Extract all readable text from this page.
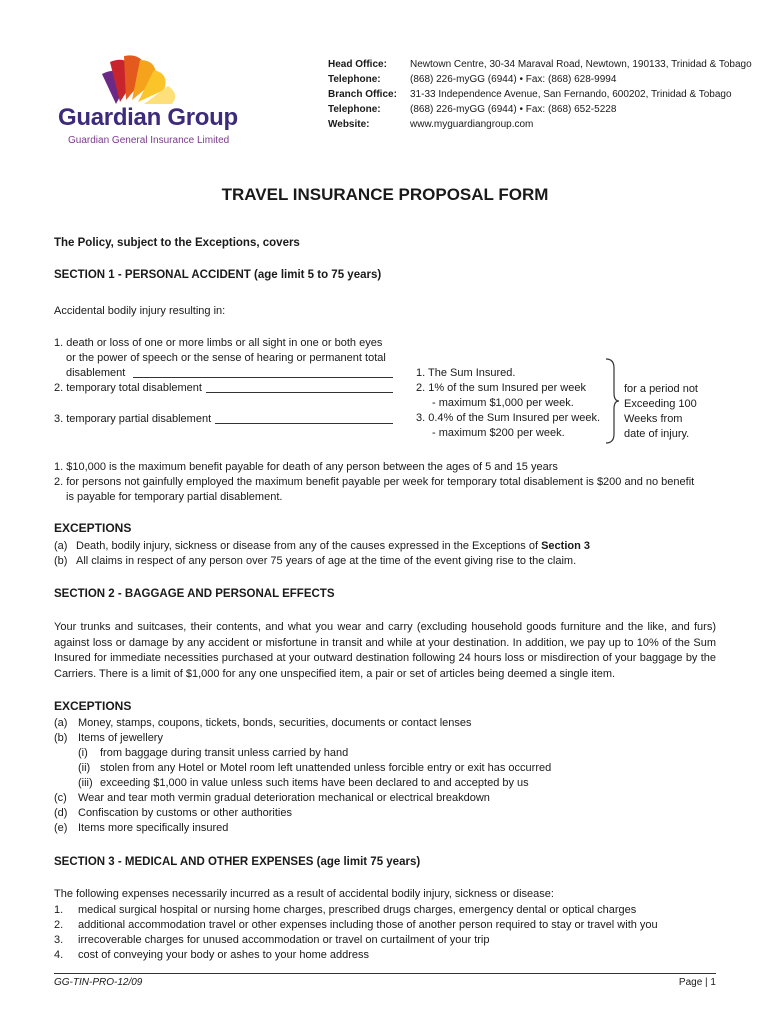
Guardian Group
Guardian General Insurance Limited
Head Office:	Newtown Centre, 30-34 Maraval Road, Newtown, 190133, Trinidad & Tobago
Telephone:	(868) 226-myGG (6944) • Fax: (868) 628-9994
Branch Office:	31-33 Independence Avenue, San Fernando, 600202, Trinidad & Tobago
Telephone:	(868) 226-myGG (6944) • Fax: (868) 652-5228
Website:	www.myguardiangroup.com
TRAVEL INSURANCE PROPOSAL FORM
The Policy, subject to the Exceptions, covers
SECTION 1 - PERSONAL ACCIDENT (age limit 5 to 75 years)
Accidental bodily injury resulting in:
1. death or loss of one or more limbs or all sight in one or both eyes
or the power of speech or the sense of hearing or permanent total
disablement
2. temporary total disablement
3. temporary partial disablement
1. The Sum Insured.
2. 1% of the sum Insured per week
- maximum $1,000 per week.
3. 0.4% of the Sum Insured per week.
- maximum $200 per week.
for a period not
Exceeding 100
Weeks from
date of injury.
1. $10,000 is the maximum benefit payable for death of any person between the ages of 5 and 15 years
2. for persons not gainfully employed the maximum benefit payable per week for temporary total disablement is $200 and no benefit
is payable for temporary partial disablement.
EXCEPTIONS
(a) Death, bodily injury, sickness or disease from any of the causes expressed in the Exceptions of Section 3
(b) All claims in respect of any person over 75 years of age at the time of the event giving rise to the claim.
SECTION 2 - BAGGAGE AND PERSONAL EFFECTS
Your trunks and suitcases, their contents, and what you wear and carry (excluding household goods furniture and the like, and furs) against loss or damage by any accident or misfortune in transit and while at your destination. In addition, we pay up to 10% of the Sum Insured for immediate necessities purchased at your outward destination following 24 hours loss or misdirection of your baggage by the Carriers. There is a limit of $1,000 for any one unspecified item, a pair or set of articles being deemed a single item.
EXCEPTIONS
(a) Money, stamps, coupons, tickets, bonds, securities, documents or contact lenses
(b) Items of jewellery
(i) from baggage during transit unless carried by hand
(ii) stolen from any Hotel or Motel room left unattended unless forcible entry or exit has occurred
(iii) exceeding $1,000 in value unless such items have been declared to and accepted by us
(c) Wear and tear moth vermin gradual deterioration mechanical or electrical breakdown
(d) Confiscation by customs or other authorities
(e) Items more specifically insured
SECTION 3 - MEDICAL AND OTHER EXPENSES (age limit 75 years)
The following expenses necessarily incurred as a result of accidental bodily injury, sickness or disease:
1.	medical surgical hospital or nursing home charges, prescribed drugs charges, emergency dental or optical charges
2.	additional accommodation travel or other expenses including those of another person required to stay or travel with you
3.	irrecoverable charges for unused accommodation or travel on curtailment of your trip
4.	cost of conveying your body or ashes to your home address
GG-TIN-PRO-12/09	Page | 1
